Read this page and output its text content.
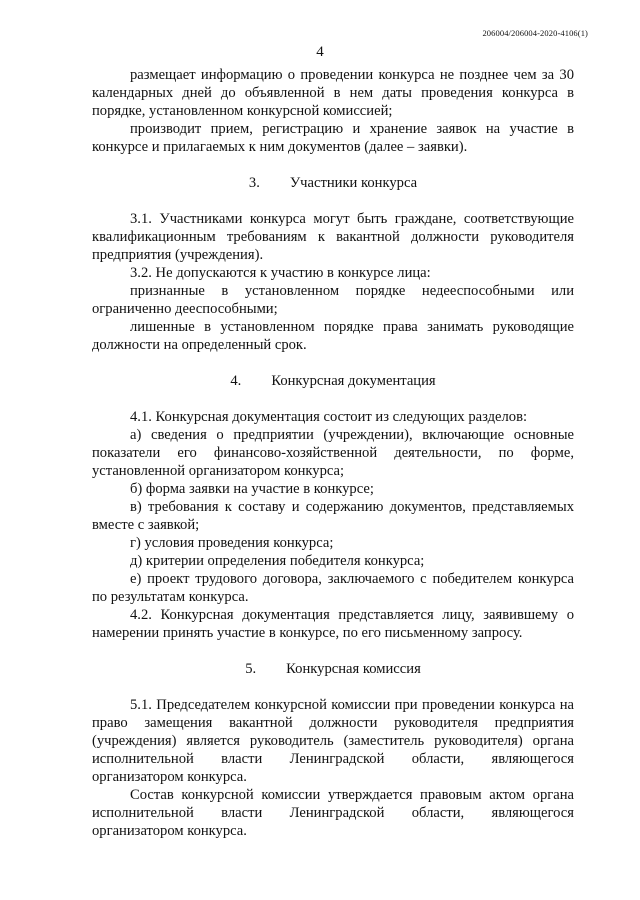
206004/206004-2020-4106(1)
4

размещает информацию о проведении конкурса не позднее чем за 30 календарных дней до объявленной в нем даты проведения конкурса в порядке, установленном конкурсной комиссией;

производит прием, регистрацию и хранение заявок на участие в конкурсе и прилагаемых к ним документов (далее – заявки).

3. Участники конкурса

3.1. Участниками конкурса могут быть граждане, соответствующие квалификационным требованиям к вакантной должности руководителя предприятия (учреждения).

3.2. Не допускаются к участию в конкурсе лица:

признанные в установленном порядке недееспособными или ограниченно дееспособными;

лишенные в установленном порядке права занимать руководящие должности на определенный срок.

4. Конкурсная документация

4.1. Конкурсная документация состоит из следующих разделов:

а) сведения о предприятии (учреждении), включающие основные показатели его финансово-хозяйственной деятельности, по форме, установленной организатором конкурса;

б) форма заявки на участие в конкурсе;

в) требования к составу и содержанию документов, представляемых вместе с заявкой;

г) условия проведения конкурса;

д) критерии определения победителя конкурса;

е) проект трудового договора, заключаемого с победителем конкурса по результатам конкурса.

4.2. Конкурсная документация представляется лицу, заявившему о намерении принять участие в конкурсе, по его письменному запросу.

5. Конкурсная комиссия

5.1. Председателем конкурсной комиссии при проведении конкурса на право замещения вакантной должности руководителя предприятия (учреждения) является руководитель (заместитель руководителя) органа исполнительной власти Ленинградской области, являющегося организатором конкурса.

Состав конкурсной комиссии утверждается правовым актом органа исполнительной власти Ленинградской области, являющегося организатором конкурса.
